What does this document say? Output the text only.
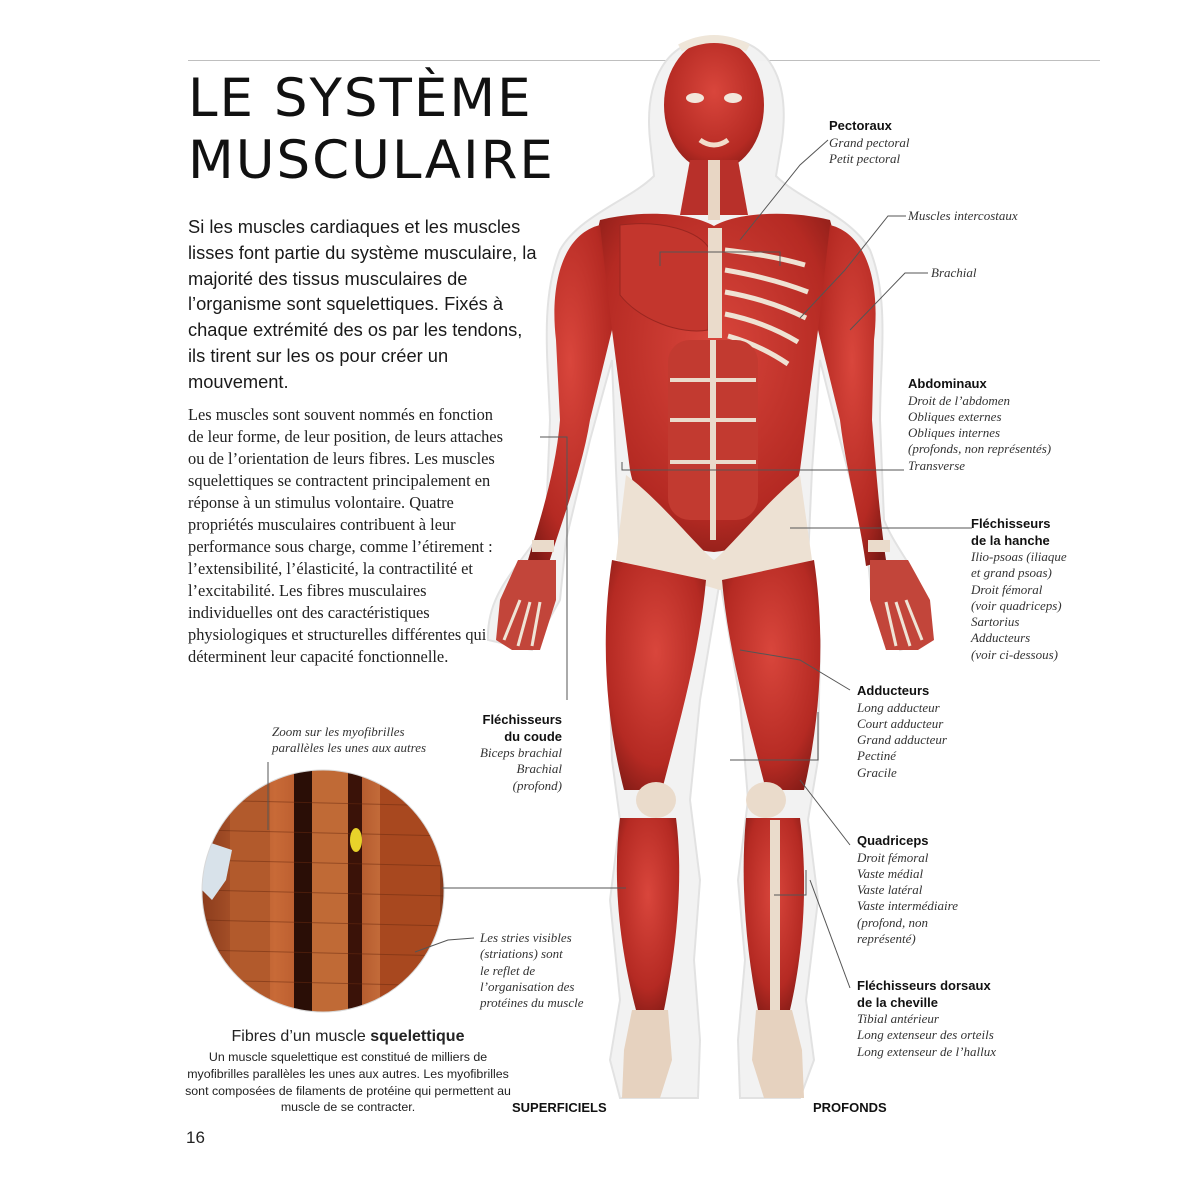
LE SYSTÈME
MUSCULAIRE

Si les muscles cardiaques et les muscles lisses font partie du système musculaire, la majorité des tissus musculaires de l’organisme sont squelettiques. Fixés à chaque extrémité des os par les tendons, ils tirent sur les os pour créer un mouvement.

Les muscles sont souvent nommés en fonction de leur forme, de leur position, de leurs attaches ou de l’orientation de leurs fibres. Les muscles squelettiques se contractent principalement en réponse à un stimulus volontaire. Quatre propriétés musculaires contribuent à leur performance sous charge, comme l’étirement : l’extensibilité, l’élasticité, la contractilité et l’excitabilité. Les fibres musculaires individuelles ont des caractéristiques physiologiques et structurelles différentes qui déterminent leur capacité fonctionnelle.

Zoom sur les myofibrilles
parallèles les unes aux autres
Les stries visibles
(striations) sont
le reflet de
l’organisation des
protéines du muscle
Fibres d’un muscle squelettique
Un muscle squelettique est constitué de milliers de myofibrilles parallèles les unes aux autres. Les myofibrilles sont composées de filaments de protéine qui permettent au muscle de se contracter.
Pectoraux
Grand pectoral
Petit pectoral
Muscles intercostaux
Brachial
Abdominaux
Droit de l’abdomen
Obliques externes
Obliques internes
(profonds, non représentés)
Transverse
Fléchisseurs
de la hanche
Ilio-psoas (iliaque
et grand psoas)
Droit fémoral
(voir quadriceps)
Sartorius
Adducteurs
(voir ci-dessous)
Adducteurs
Long adducteur
Court adducteur
Grand adducteur
Pectiné
Gracile
Quadriceps
Droit fémoral
Vaste médial
Vaste latéral
Vaste intermédiaire
(profond, non
représenté)
Fléchisseurs dorsaux
de la cheville
Tibial antérieur
Long extenseur des orteils
Long extenseur de l’hallux
Fléchisseurs
du coude
Biceps brachial
Brachial
(profond)
SUPERFICIELS	PROFONDS
16
